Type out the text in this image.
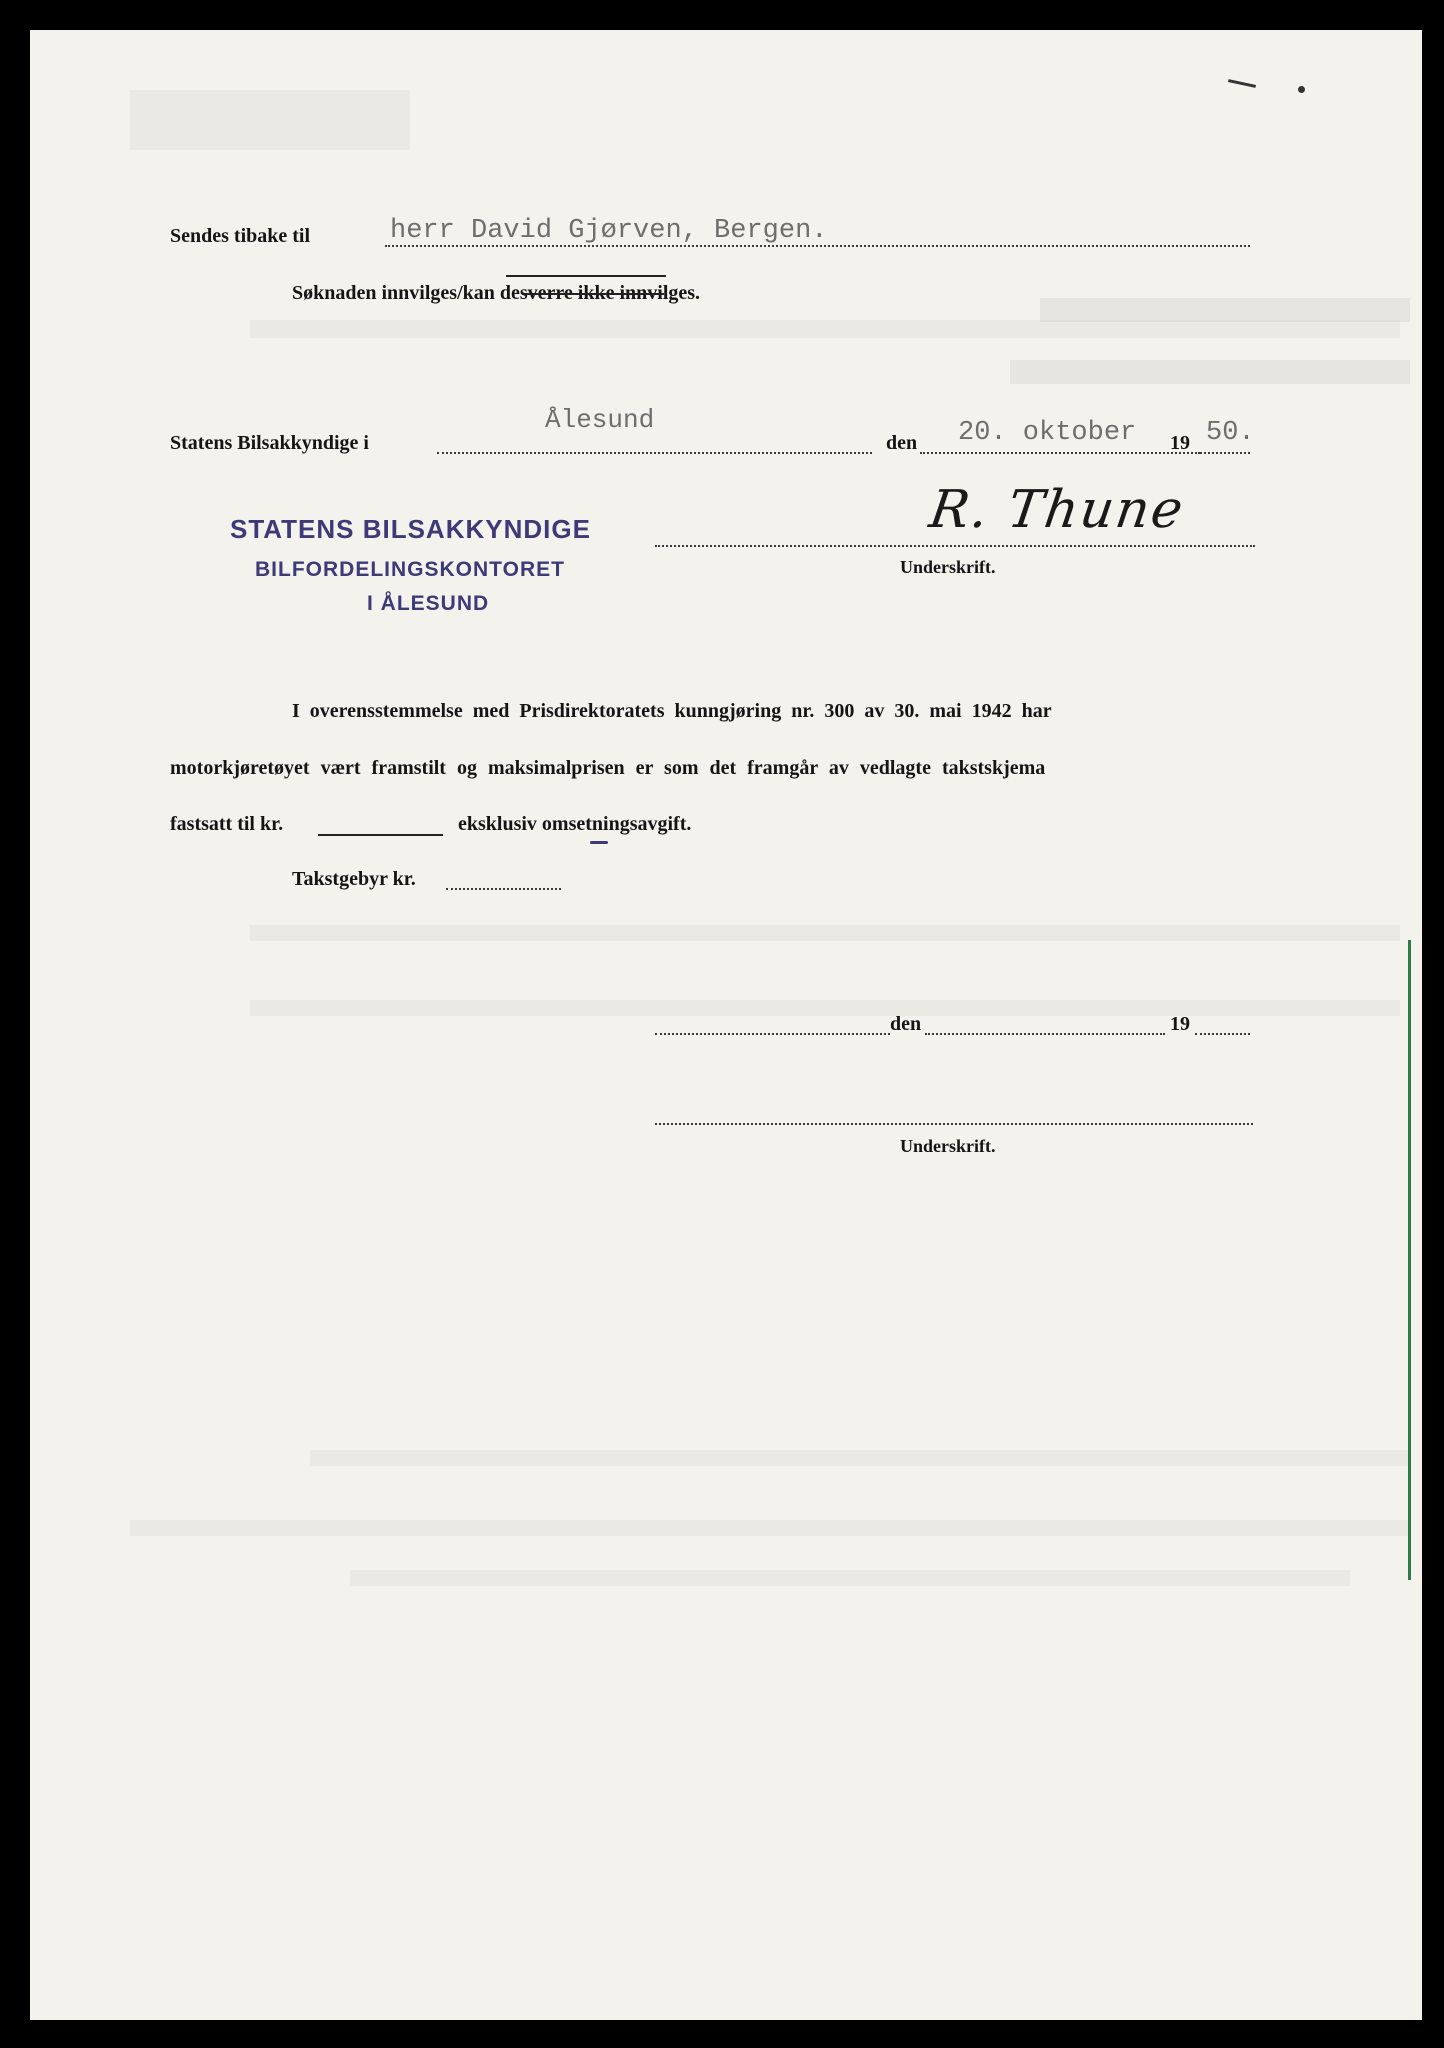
Sendes tibake til	herr David Gjørven, Bergen.
Søknaden innvilges/kan desverre ikke innvilges.
Statens Bilsakkyndige i
Ålesund
den 20. oktober 19 50.
STATENS BILSAKKYNDIGE
BILFORDELINGSKONTORET
I ÅLESUND
R. Thune
Underskrift.
I overensstemmelse med Prisdirektoratets kunngjøring nr. 300 av 30. mai 1942 har
motorkjøretøyet vært framstilt og maksimalprisen er som det framgår av vedlagte takstskjema
fastsatt til kr.	eksklusiv omsetningsavgift.
Takstgebyr kr.
den	19
Underskrift.
